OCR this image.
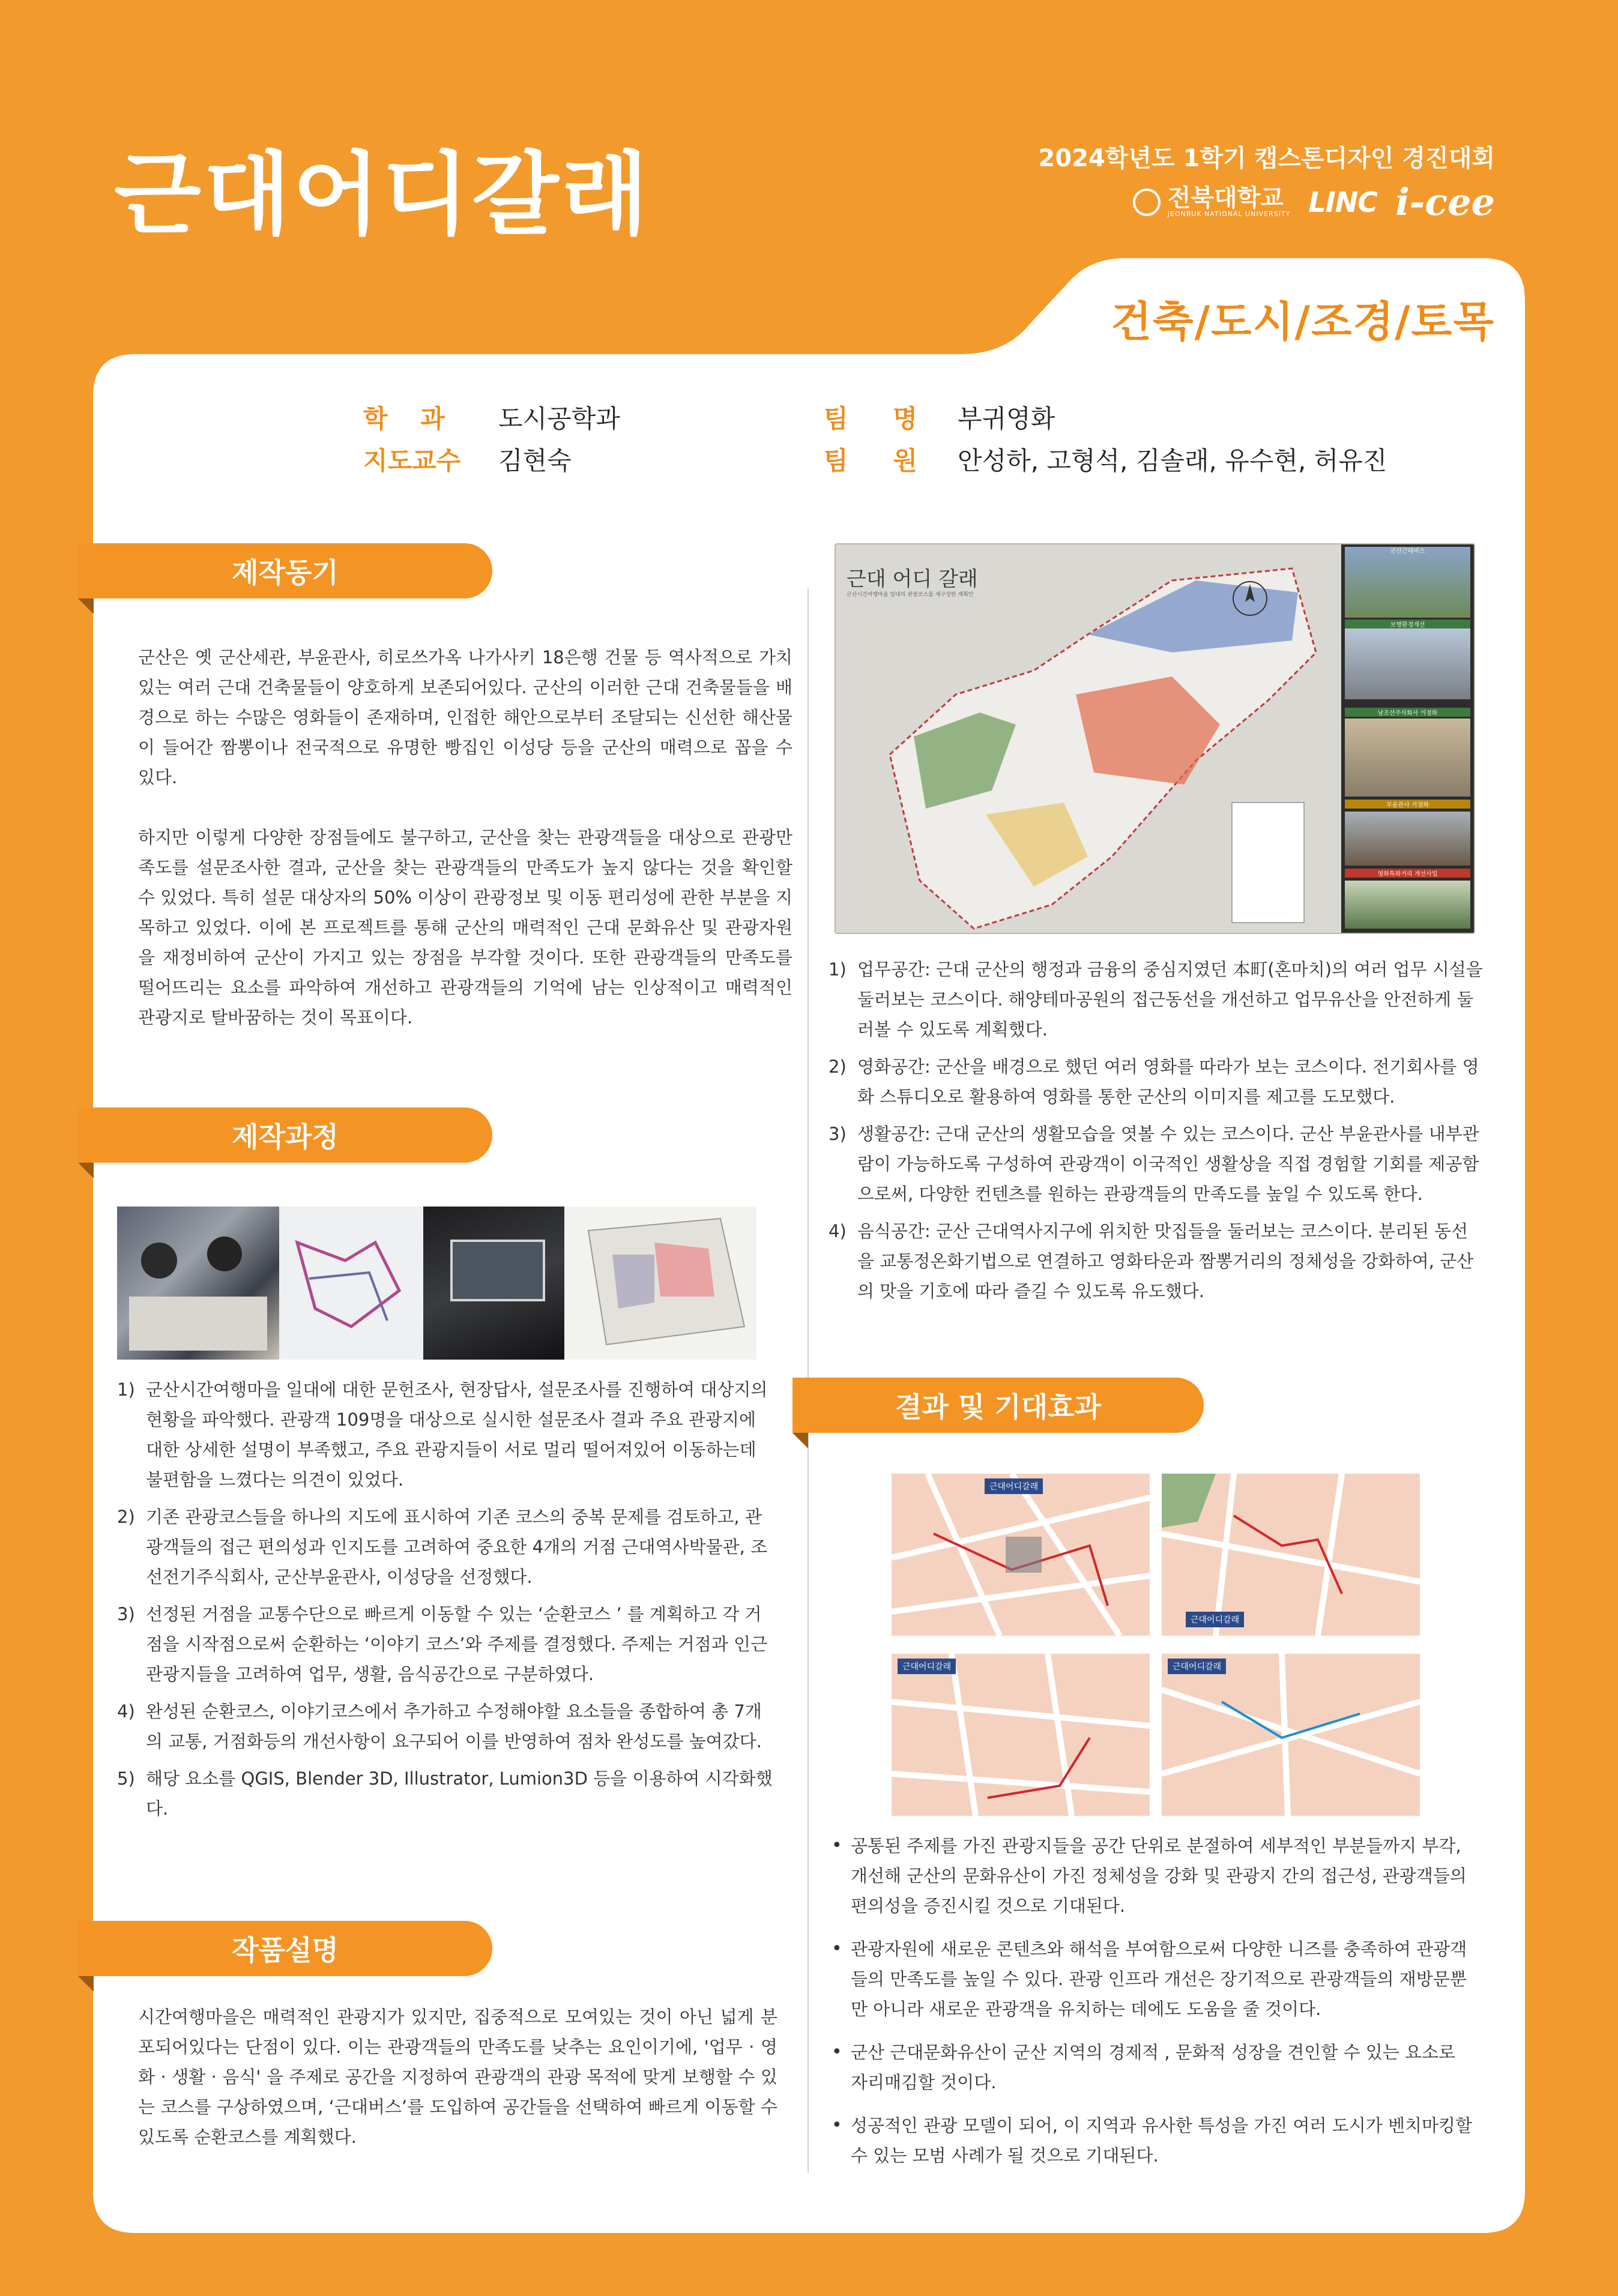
근대어디갈래	2024학년도 1학기 캡스톤디자인 경진대회
전북대학교
JEONBUK NATIONAL UNIVERSITY LINC i-cee
건축/도시/조경/토목
학 과	도시공학과
지도교수 김현숙
팀 명 부귀영화
팀 원 안성하, 고형석, 김솔래, 유수현, 허유진
제작동기

군산은 옛 군산세관, 부윤관사, 히로쓰가옥 나가사키 18은행 건물 등 역사적으로 가치 있는 여러 근대 건축물들이 양호하게 보존되어있다. 군산의 이러한 근대 건축물들을 배경으로 하는 수많은 영화들이 존재하며, 인접한 해안으로부터 조달되는 신선한 해산물이 들어간 짬뽕이나 전국적으로 유명한 빵집인 이성당 등을 군산의 매력으로 꼽을 수 있다.

하지만 이렇게 다양한 장점들에도 불구하고, 군산을 찾는 관광객들을 대상으로 관광만족도를 설문조사한 결과, 군산을 찾는 관광객들의 만족도가 높지 않다는 것을 확인할 수 있었다. 특히 설문 대상자의 50% 이상이 관광정보 및 이동 편리성에 관한 부분을 지목하고 있었다. 이에 본 프로젝트를 통해 군산의 매력적인 근대 문화유산 및 관광자원을 재정비하여 군산이 가지고 있는 장점을 부각할 것이다. 또한 관광객들의 만족도를 떨어뜨리는 요소를 파악하여 개선하고 관광객들의 기억에 남는 인상적이고 매력적인 관광지로 탈바꿈하는 것이 목표이다.

제작과정
1) 군산시간여행마을 일대에 대한 문헌조사, 현장답사, 설문조사를 진행하여 대상지의 현황을 파악했다. 관광객 109명을 대상으로 실시한 설문조사 결과 주요 관광지에 대한 상세한 설명이 부족했고, 주요 관광지들이 서로 멀리 떨어져있어 이동하는데 불편함을 느꼈다는 의견이 있었다.
2) 기존 관광코스들을 하나의 지도에 표시하여 기존 코스의 중복 문제를 검토하고, 관광객들의 접근 편의성과 인지도를 고려하여 중요한 4개의 거점 근대역사박물관, 조선전기주식회사, 군산부윤관사, 이성당을 선정했다.
3) 선정된 거점을 교통수단으로 빠르게 이동할 수 있는 ‘순환코스 ’ 를 계획하고 각 거점을 시작점으로써 순환하는 ‘이야기 코스’와 주제를 결정했다. 주제는 거점과 인근 관광지들을 고려하여 업무, 생활, 음식공간으로 구분하였다.
4) 완성된 순환코스, 이야기코스에서 추가하고 수정해야할 요소들을 종합하여 총 7개의 교통, 거점화등의 개선사항이 요구되어 이를 반영하여 점차 완성도를 높여갔다.
5) 해당 요소를 QGIS, Blender 3D, Illustrator, Lumion3D 등을 이용하여 시각화했다.
작품설명
시간여행마을은 매력적인 관광지가 있지만, 집중적으로 모여있는 것이 아닌 넓게 분포되어있다는 단점이 있다. 이는 관광객들의 만족도를 낮추는 요인이기에, '업무 · 영화 · 생활 · 음식' 을 주제로 공간을 지정하여 관광객의 관광 목적에 맞게 보행할 수 있는 코스를 구상하였으며, ‘근대버스’를 도입하여 공간들을 선택하여 빠르게 이동할 수 있도록 순환코스를 계획했다.
근대 어디 갈래
군산시간여행마을 일대의 관광코스를 재구성한 계획안
군산근대버스
보행환경개선
남조선주식회사 거점화
부윤관사 거점화
영화특화거리 개선사업
1) 업무공간: 근대 군산의 행정과 금융의 중심지였던 本町(혼마치)의 여러 업무 시설을 둘러보는 코스이다. 해양테마공원의 접근동선을 개선하고 업무유산을 안전하게 둘러볼 수 있도록 계획했다.
2) 영화공간: 군산을 배경으로 했던 여러 영화를 따라가 보는 코스이다. 전기회사를 영화 스튜디오로 활용하여 영화를 통한 군산의 이미지를 제고를 도모했다.
3) 생활공간: 근대 군산의 생활모습을 엿볼 수 있는 코스이다. 군산 부윤관사를 내부관람이 가능하도록 구성하여 관광객이 이국적인 생활상을 직접 경험할 기회를 제공함으로써, 다양한 컨텐츠를 원하는 관광객들의 만족도를 높일 수 있도록 한다.
4) 음식공간: 군산 근대역사지구에 위치한 맛집들을 둘러보는 코스이다. 분리된 동선을 교통정온화기법으로 연결하고 영화타운과 짬뽕거리의 정체성을 강화하여, 군산의 맛을 기호에 따라 즐길 수 있도록 유도했다.
결과 및 기대효과
근대어디갈래
근대어디갈래
근대어디갈래	근대어디갈래
• 공통된 주제를 가진 관광지들을 공간 단위로 분절하여 세부적인 부분들까지 부각, 개선해 군산의 문화유산이 가진 정체성을 강화 및 관광지 간의 접근성, 관광객들의 편의성을 증진시킬 것으로 기대된다.
• 관광자원에 새로운 콘텐츠와 해석을 부여함으로써 다양한 니즈를 충족하여 관광객들의 만족도를 높일 수 있다. 관광 인프라 개선은 장기적으로 관광객들의 재방문뿐만 아니라 새로운 관광객을 유치하는 데에도 도움을 줄 것이다.
• 군산 근대문화유산이 군산 지역의 경제적 , 문화적 성장을 견인할 수 있는 요소로 자리매김할 것이다.
• 성공적인 관광 모델이 되어, 이 지역과 유사한 특성을 가진 여러 도시가 벤치마킹할 수 있는 모범 사례가 될 것으로 기대된다.
